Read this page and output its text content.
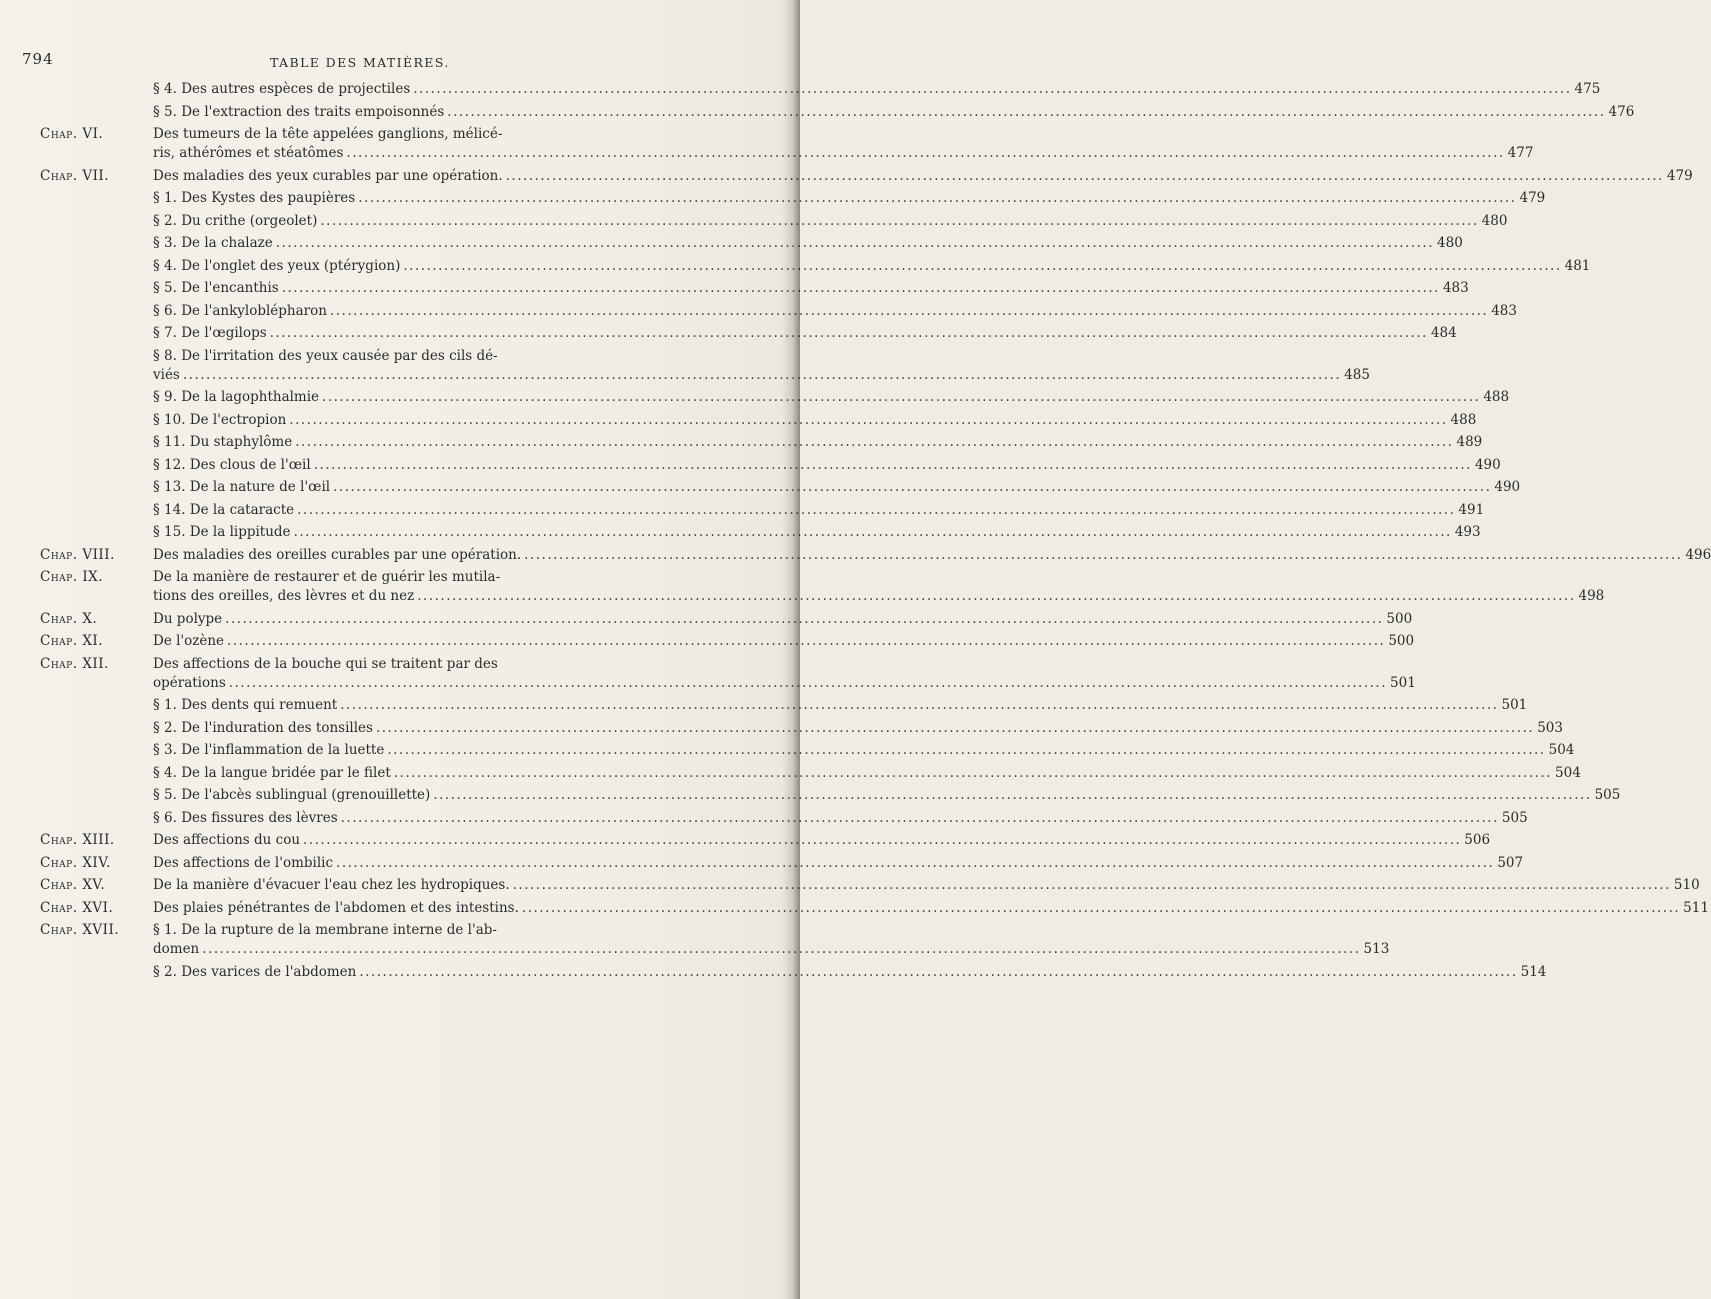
794	TABLE DES MATIÈRES.
§ 4. Des autres espèces de projectiles .....	475
§ 5. De l'extraction des traits empoisonnés .....	476
Chap. VI.	Des tumeurs de la tête appelées ganglions, mélicé-
ris, athérômes et stéatômes .....	477
Chap. VII.	Des maladies des yeux curables par une opération. .....	479
§ 1. Des Kystes des paupières .....	479
§ 2. Du crithe (orgeolet) .....	480
§ 3. De la chalaze .....	480
§ 4. De l'onglet des yeux (ptérygion) .....	481
§ 5. De l'encanthis .....	483
§ 6. De l'ankyloblépharon .....	483
§ 7. De l'œgilops .....	484
§ 8. De l'irritation des yeux causée par des cils dé-
viés .....	485
§ 9. De la lagophthalmie .....	488
§ 10. De l'ectropion .....	488
§ 11. Du staphylôme .....	489
§ 12. Des clous de l'œil .....	490
§ 13. De la nature de l'œil .....	490
§ 14. De la cataracte .....	491
§ 15. De la lippitude .....	493
Chap. VIII.	Des maladies des oreilles curables par une opération. .....	496
Chap. IX.	De la manière de restaurer et de guérir les mutila-
tions des oreilles, des lèvres et du nez .....	498
Chap. X.	Du polype .....	500
Chap. XI.	De l'ozène .....	500
Chap. XII.	Des affections de la bouche qui se traitent par des
opérations .....	501
§ 1. Des dents qui remuent .....	501
§ 2. De l'induration des tonsilles .....	503
§ 3. De l'inflammation de la luette .....	504
§ 4. De la langue bridée par le filet .....	504
§ 5. De l'abcès sublingual (grenouillette) .....	505
§ 6. Des fissures des lèvres .....	505
Chap. XIII.	Des affections du cou .....	506
Chap. XIV.	Des affections de l'ombilic .....	507
Chap. XV.	De la manière d'évacuer l'eau chez les hydropiques. .....	510
Chap. XVI.	Des plaies pénétrantes de l'abdomen et des intestins. .....	511
Chap. XVII.	§ 1. De la rupture de la membrane interne de l'ab-
domen .....	513
§ 2. Des varices de l'abdomen .....	514
